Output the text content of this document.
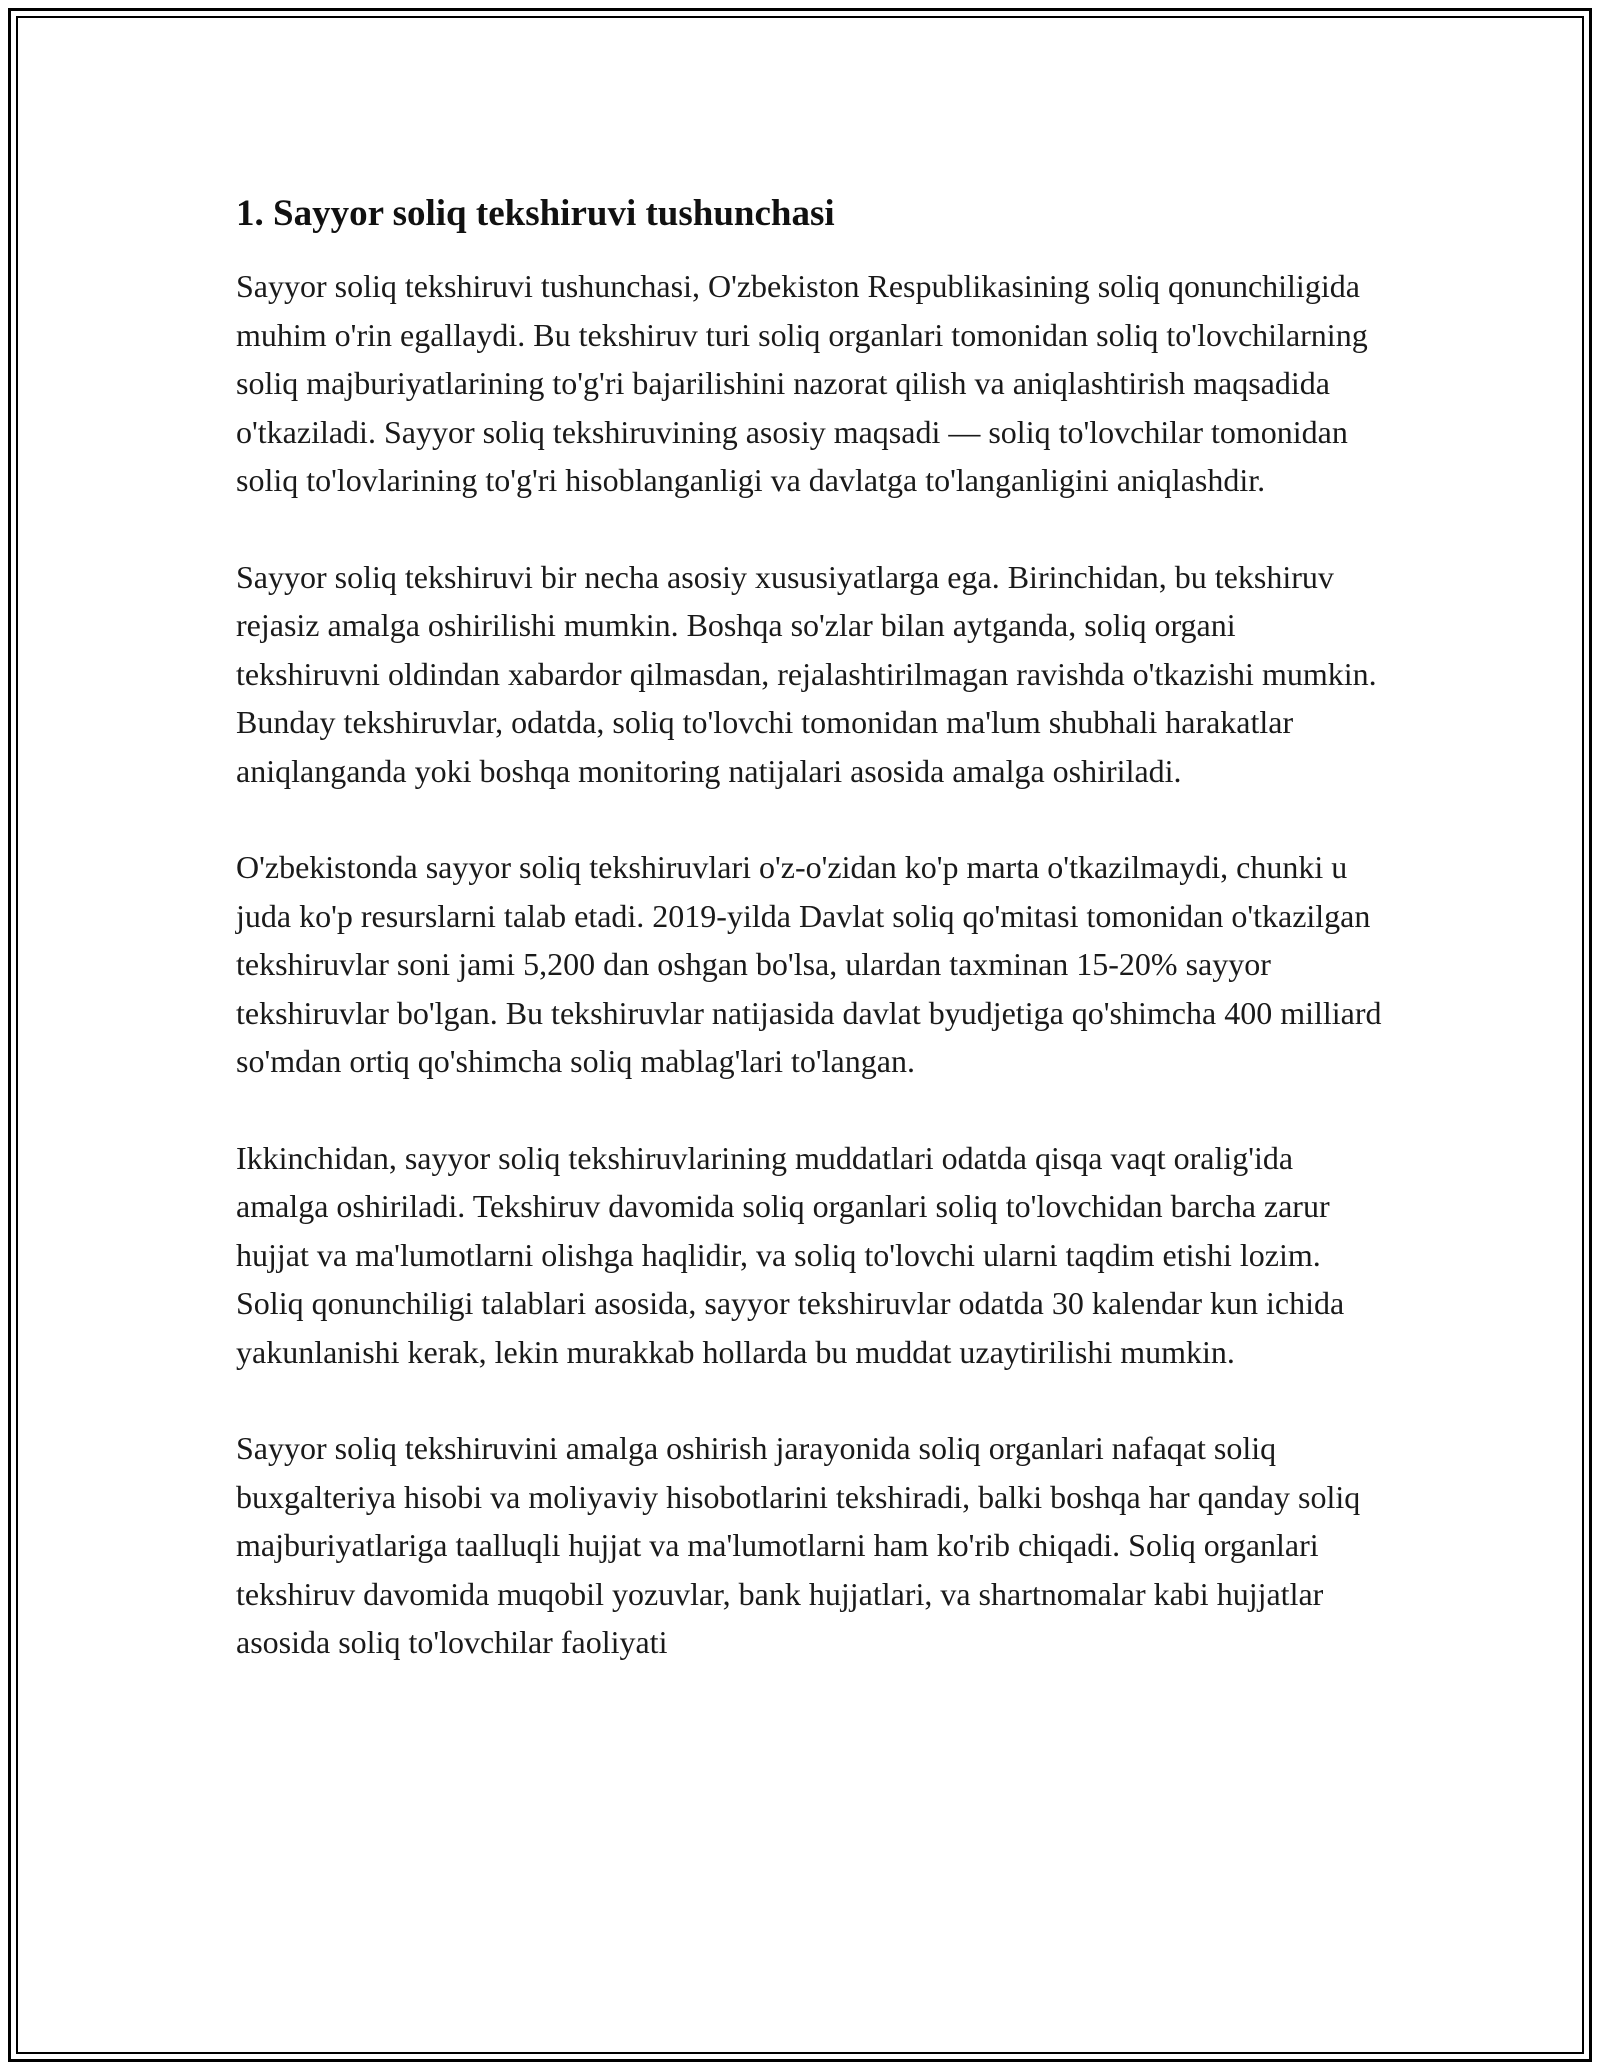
1. Sayyor soliq tekshiruvi tushunchasi

Sayyor soliq tekshiruvi tushunchasi, O'zbekiston Respublikasining soliq qonunchiligida muhim o'rin egallaydi. Bu tekshiruv turi soliq organlari tomonidan soliq to'lovchilarning soliq majburiyatlarining to'g'ri bajarilishini nazorat qilish va aniqlashtirish maqsadida o'tkaziladi. Sayyor soliq tekshiruvining asosiy maqsadi — soliq to'lovchilar tomonidan soliq to'lovlarining to'g'ri hisoblanganligi va davlatga to'langanligini aniqlashdir.

Sayyor soliq tekshiruvi bir necha asosiy xususiyatlarga ega. Birinchidan, bu tekshiruv rejasiz amalga oshirilishi mumkin. Boshqa so'zlar bilan aytganda, soliq organi tekshiruvni oldindan xabardor qilmasdan, rejalashtirilmagan ravishda o'tkazishi mumkin. Bunday tekshiruvlar, odatda, soliq to'lovchi tomonidan ma'lum shubhali harakatlar aniqlanganda yoki boshqa monitoring natijalari asosida amalga oshiriladi.

O'zbekistonda sayyor soliq tekshiruvlari o'z-o'zidan ko'p marta o'tkazilmaydi, chunki u juda ko'p resurslarni talab etadi. 2019-yilda Davlat soliq qo'mitasi tomonidan o'tkazilgan tekshiruvlar soni jami 5,200 dan oshgan bo'lsa, ulardan taxminan 15-20% sayyor tekshiruvlar bo'lgan. Bu tekshiruvlar natijasida davlat byudjetiga qo'shimcha 400 milliard so'mdan ortiq qo'shimcha soliq mablag'lari to'langan.

Ikkinchidan, sayyor soliq tekshiruvlarining muddatlari odatda qisqa vaqt oralig'ida amalga oshiriladi. Tekshiruv davomida soliq organlari soliq to'lovchidan barcha zarur hujjat va ma'lumotlarni olishga haqlidir, va soliq to'lovchi ularni taqdim etishi lozim. Soliq qonunchiligi talablari asosida, sayyor tekshiruvlar odatda 30 kalendar kun ichida yakunlanishi kerak, lekin murakkab hollarda bu muddat uzaytirilishi mumkin.

Sayyor soliq tekshiruvini amalga oshirish jarayonida soliq organlari nafaqat soliq buxgalteriya hisobi va moliyaviy hisobotlarini tekshiradi, balki boshqa har qanday soliq majburiyatlariga taalluqli hujjat va ma'lumotlarni ham ko'rib chiqadi. Soliq organlari tekshiruv davomida muqobil yozuvlar, bank hujjatlari, va shartnomalar kabi hujjatlar asosida soliq to'lovchilar faoliyati
